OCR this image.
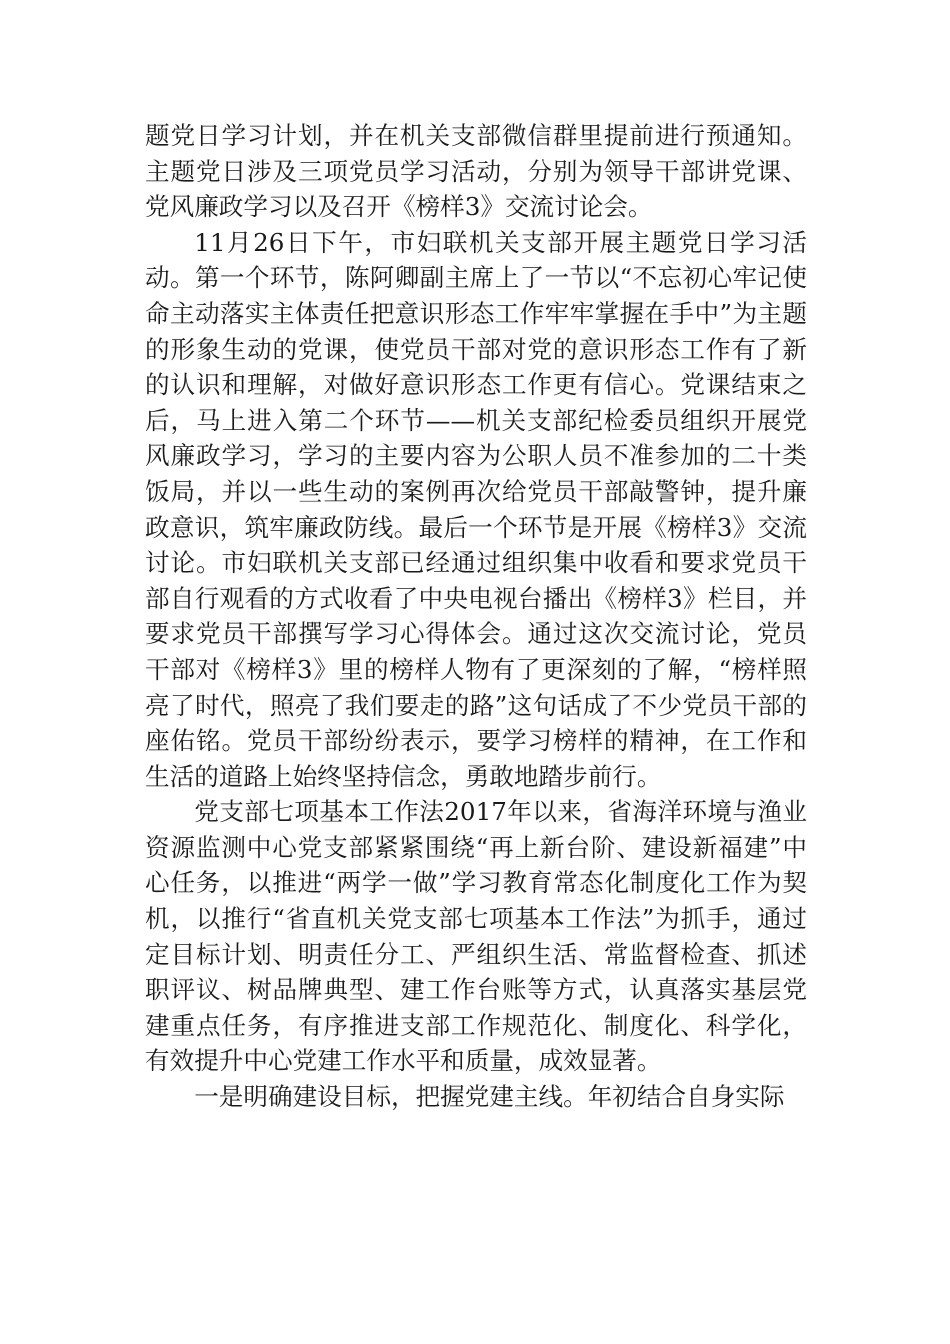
题党日学习计划，并在机关支部微信群里提前进行预通知。主题党日涉及三项党员学习活动，分别为领导干部讲党课、党风廉政学习以及召开《榜样3》交流讨论会。

11月26日下午，市妇联机关支部开展主题党日学习活动。第一个环节，陈阿卿副主席上了一节以“不忘初心牢记使命主动落实主体责任把意识形态工作牢牢掌握在手中”为主题的形象生动的党课，使党员干部对党的意识形态工作有了新的认识和理解，对做好意识形态工作更有信心。党课结束之后，马上进入第二个环节——机关支部纪检委员组织开展党风廉政学习，学习的主要内容为公职人员不准参加的二十类饭局，并以一些生动的案例再次给党员干部敲警钟，提升廉政意识，筑牢廉政防线。最后一个环节是开展《榜样3》交流讨论。市妇联机关支部已经通过组织集中收看和要求党员干部自行观看的方式收看了中央电视台播出《榜样3》栏目，并要求党员干部撰写学习心得体会。通过这次交流讨论，党员干部对《榜样3》里的榜样人物有了更深刻的了解，“榜样照亮了时代，照亮了我们要走的路”这句话成了不少党员干部的座佑铭。党员干部纷纷表示，要学习榜样的精神，在工作和生活的道路上始终坚持信念，勇敢地踏步前行。

党支部七项基本工作法2017年以来，省海洋环境与渔业资源监测中心党支部紧紧围绕“再上新台阶、建设新福建”中心任务，以推进“两学一做”学习教育常态化制度化工作为契机，以推行“省直机关党支部七项基本工作法”为抓手，通过定目标计划、明责任分工、严组织生活、常监督检查、抓述职评议、树品牌典型、建工作台账等方式，认真落实基层党建重点任务，有序推进支部工作规范化、制度化、科学化，有效提升中心党建工作水平和质量，成效显著。

一是明确建设目标，把握党建主线。年初结合自身实际
